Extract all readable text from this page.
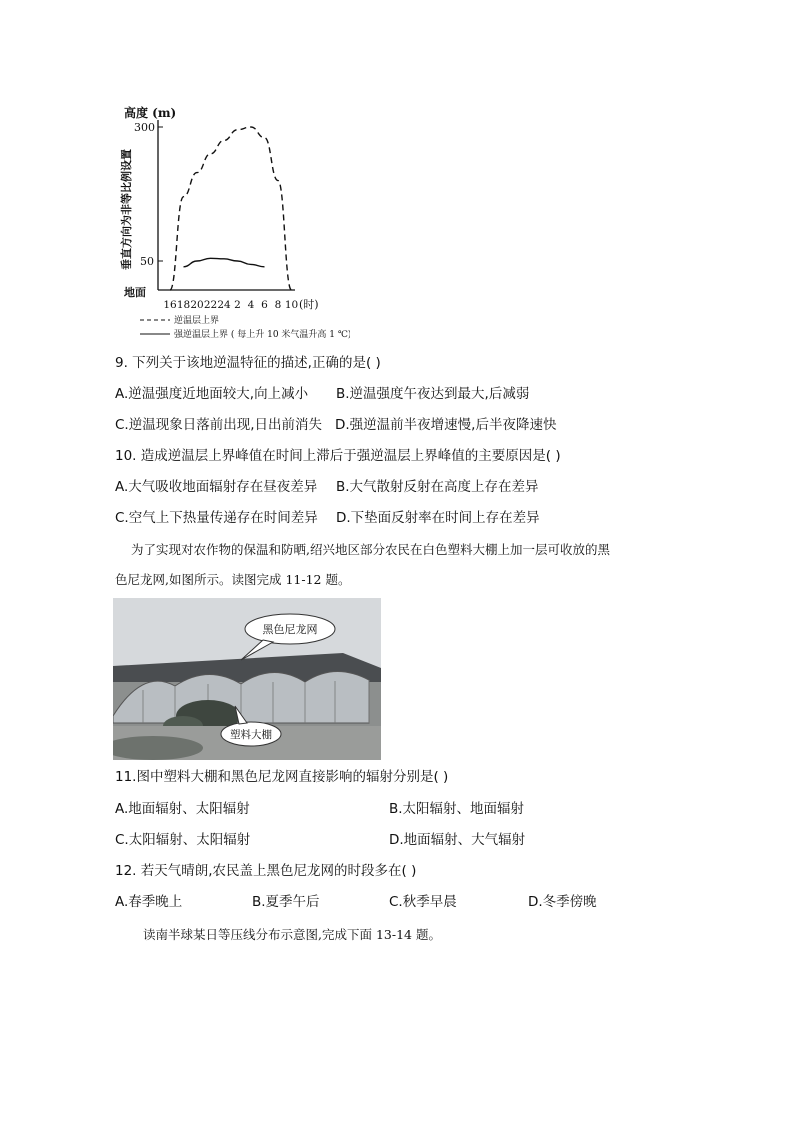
高度 (m)
垂直方向为非等比例设置
300
50
地面
16 18 20 22 24 2 4 6 8 10 (时)
逆温层上界
强逆温层上界 ( 每上升 10 米气温升高 1 ℃)
9. 下列关于该地逆温特征的描述,正确的是( )
A.逆温强度近地面较大,向上减小 B.逆温强度午夜达到最大,后减弱
C.逆温现象日落前出现,日出前消失 D.强逆温前半夜增速慢,后半夜降速快
10. 造成逆温层上界峰值在时间上滞后于强逆温层上界峰值的主要原因是( )
A.大气吸收地面辐射存在昼夜差异 B.大气散射反射在高度上存在差异
C.空气上下热量传递存在时间差异 D.下垫面反射率在时间上存在差异
为了实现对农作物的保温和防晒,绍兴地区部分农民在白色塑料大棚上加一层可收放的黑
色尼龙网,如图所示。读图完成 11-12 题。
黑色尼龙网
塑料大棚
11.图中塑料大棚和黑色尼龙网直接影响的辐射分别是( )
A.地面辐射、太阳辐射	B.太阳辐射、地面辐射
C.太阳辐射、太阳辐射	D.地面辐射、大气辐射
12. 若天气晴朗,农民盖上黑色尼龙网的时段多在( )
A.春季晚上	B.夏季午后	C.秋季早晨	D.冬季傍晚
读南半球某日等压线分布示意图,完成下面 13-14 题。
